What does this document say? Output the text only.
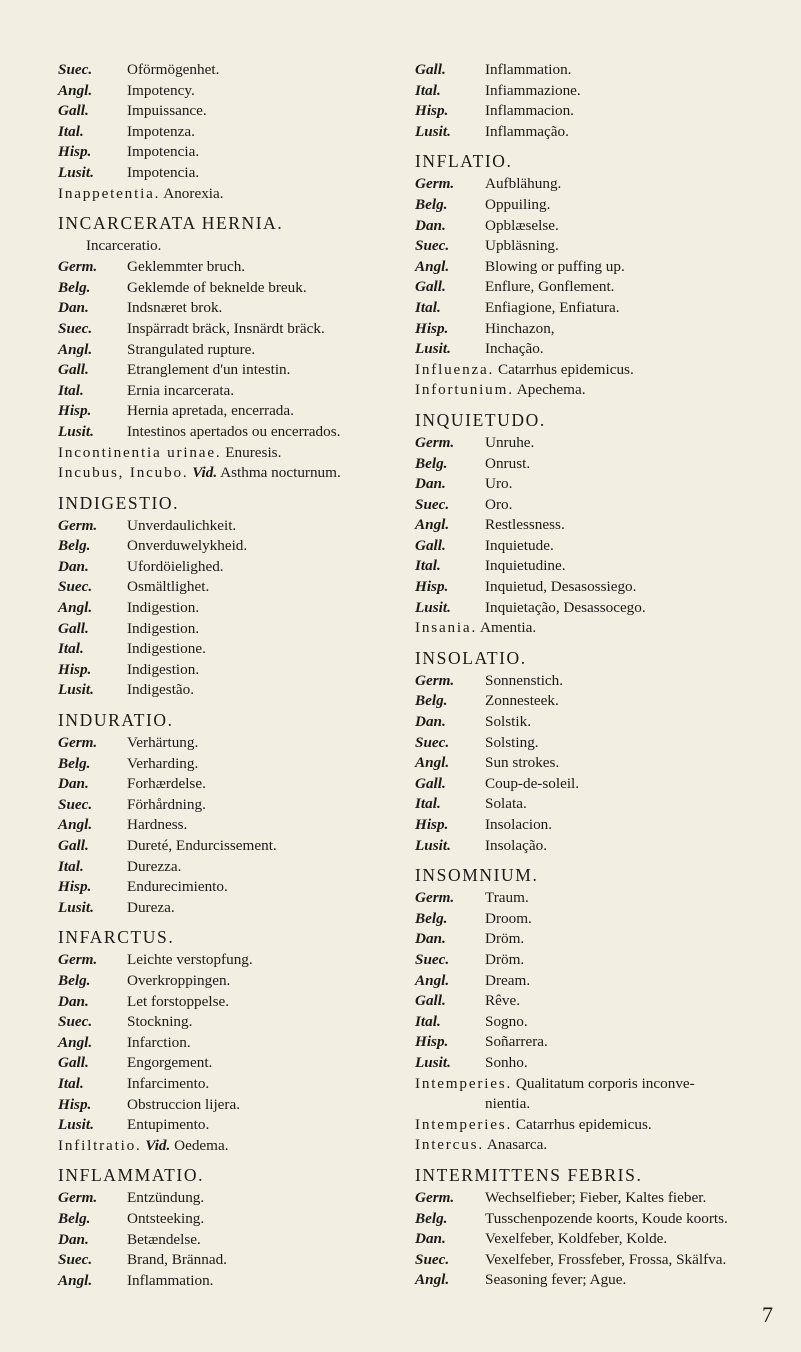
Suec. Oförmögenhet.
Angl. Impotency.
Gall.	Impuissance.
Ital.	Impotenza.
Hisp. Impotencia.
Lusit. Impotencia.
Inappetentia. Anorexia.
INCARCERATA HERNIA.
Incarceratio.
Germ. Geklemmter bruch.
Belg. Geklemde of beknelde breuk.
Dan.	Indsnæret brok.
Suec. Inspärradt bräck, Insnärdt bräck.
Angl. Strangulated rupture.
Gall.	Etranglement d'un intestin.
Ital.	Ernia incarcerata.
Hisp. Hernia apretada, encerrada.
Lusit. Intestinos apertados ou encerrados.
Incontinentia urinae. Enuresis.
Incubus, Incubo. Vid. Asthma nocturnum.
INDIGESTIO.
Germ. Unverdaulichkeit.
Belg. Onverduwelykheid.
Dan.	Ufordöielighed.
Suec. Osmältlighet.
Angl. Indigestion.
Gall.	Indigestion.
Ital.	Indigestione.
Hisp. Indigestion.
Lusit. Indigestão.
INDURATIO.
Germ. Verhärtung.
Belg. Verharding.
Dan.	Forhærdelse.
Suec. Förhårdning.
Angl. Hardness.
Gall.	Dureté, Endurcissement.
Ital.	Durezza.
Hisp. Endurecimiento.
Lusit. Dureza.
INFARCTUS.
Germ. Leichte verstopfung.
Belg. Overkroppingen.
Dan.	Let forstoppelse.
Suec. Stockning.
Angl. Infarction.
Gall.	Engorgement.
Ital.	Infarcimento.
Hisp. Obstruccion lijera.
Lusit. Entupimento.
Infiltratio. Vid. Oedema.
INFLAMMATIO.
Germ. Entzündung.
Belg. Ontsteeking.
Dan.	Betændelse.
Suec. Brand, Brännad.
Angl. Inflammation.
Gall.	Inflammation.
Ital.	Infiammazione.
Hisp. Inflammacion.
Lusit. Inflammação.
INFLATIO.
Germ. Aufblähung.
Belg. Oppuiling.
Dan.	Opblæselse.
Suec. Upbläsning.
Angl. Blowing or puffing up.
Gall.	Enflure, Gonflement.
Ital.	Enfiagione, Enfiatura.
Hisp. Hinchazon,
Lusit. Inchação.
Influenza. Catarrhus epidemicus.
Infortunium. Apechema.
INQUIETUDO.
Germ. Unruhe.
Belg. Onrust.
Dan.	Uro.
Suec. Oro.
Angl. Restlessness.
Gall.	Inquietude.
Ital.	Inquietudine.
Hisp. Inquietud, Desasossiego.
Lusit. Inquietação, Desassocego.
Insania. Amentia.
INSOLATIO.
Germ. Sonnenstich.
Belg. Zonnesteek.
Dan.	Solstik.
Suec. Solsting.
Angl. Sun strokes.
Gall.	Coup-de-soleil.
Ital.	Solata.
Hisp. Insolacion.
Lusit. Insolação.
INSOMNIUM.
Germ. Traum.
Belg. Droom.
Dan.	Dröm.
Suec. Dröm.
Angl. Dream.
Gall.	Rêve.
Ital.	Sogno.
Hisp. Soñarrera.
Lusit. Sonho.
Intemperies. Qualitatum corporis inconve-
nientia.
Intemperies. Catarrhus epidemicus.
Intercus. Anasarca.
INTERMITTENS FEBRIS.
Germ. Wechselfieber; Fieber, Kaltes fieber.
Belg. Tusschenpozende koorts, Koude koorts.
Dan.	Vexelfeber, Koldfeber, Kolde.
Suec. Vexelfeber, Frossfeber, Frossa, Skälfva.
Angl. Seasoning fever; Ague.
7
